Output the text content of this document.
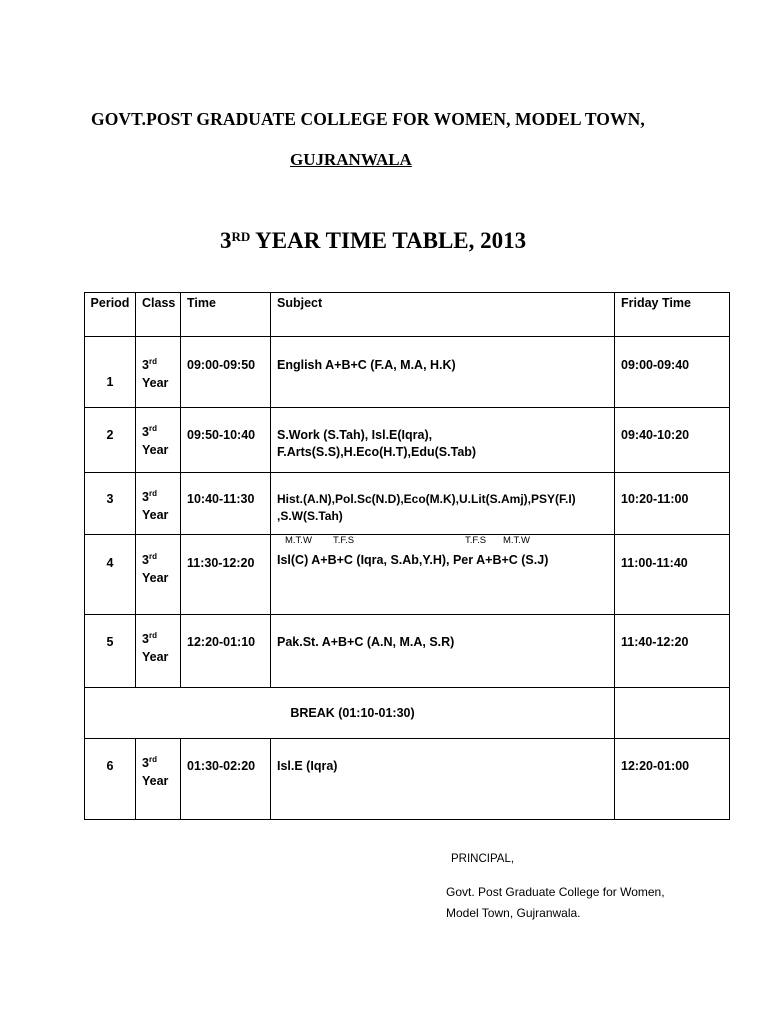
GOVT.POST GRADUATE COLLEGE FOR WOMEN, MODEL TOWN,
GUJRANWALA
3RD YEAR TIME TABLE, 2013
Period	Class	Time	Subject	Friday Time

1	3rd
Year	09:00-09:50	English A+B+C (F.A, M.A, H.K)	09:00-09:40

2	3rd
Year	09:50-10:40	S.Work (S.Tah), Isl.E(Iqra),
F.Arts(S.S),H.Eco(H.T),Edu(S.Tab)	09:40-10:20

3	3rd
Year	10:40-11:30	Hist.(A.N),Pol.Sc(N.D),Eco(M.K),U.Lit(S.Amj),PSY(F.I)
,S.W(S.Tah)	10:20-11:00

4	3rd
Year	11:30-12:20	M.T.W T.F.S T.F.S M.T.W
Isl(C) A+B+C (Iqra, S.Ab,Y.H), Per A+B+C (S.J)	11:00-11:40

5	3rd
Year	12:20-01:10	Pak.St. A+B+C (A.N, M.A, S.R)	11:40-12:20

BREAK (01:10-01:30)				

6	3rd
Year	01:30-02:20	Isl.E (Iqra)	12:20-01:00
PRINCIPAL,
Govt. Post Graduate College for Women,
Model Town, Gujranwala.
